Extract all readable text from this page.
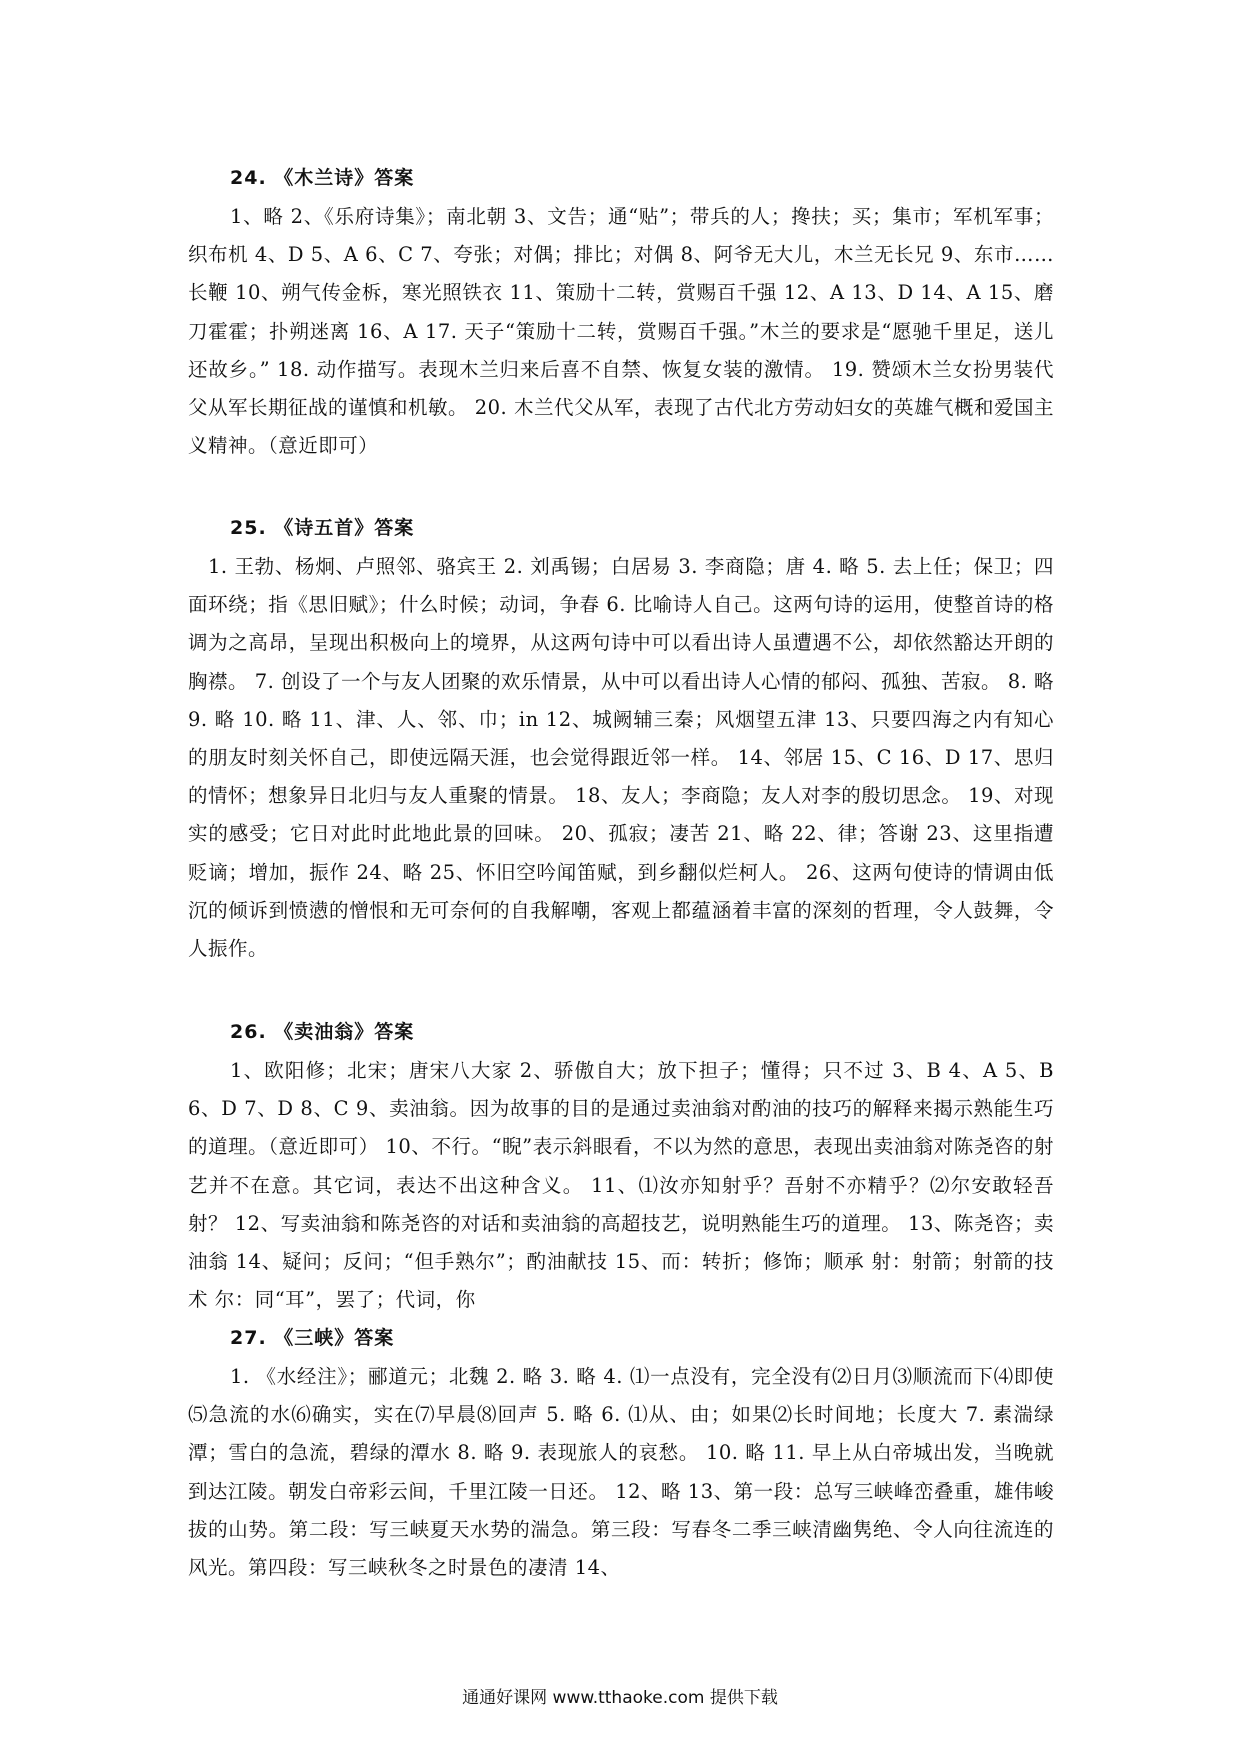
24. 《木兰诗》答案

1、略 2、《乐府诗集》；南北朝 3、文告；通“贴”；带兵的人；搀扶；买；集市；军机军事；织布机 4、D 5、A 6、C 7、夸张；对偶；排比；对偶 8、阿爷无大儿，木兰无长兄 9、东市……长鞭 10、朔气传金柝，寒光照铁衣 11、策励十二转，赏赐百千强 12、A 13、D 14、A 15、磨刀霍霍；扑朔迷离 16、A 17. 天子“策励十二转，赏赐百千强。”木兰的要求是“愿驰千里足，送儿还故乡。” 18. 动作描写。表现木兰归来后喜不自禁、恢复女装的激情。 19. 赞颂木兰女扮男装代父从军长期征战的谨慎和机敏。 20. 木兰代父从军，表现了古代北方劳动妇女的英雄气概和爱国主义精神。（意近即可）

25. 《诗五首》答案

1. 王勃、杨炯、卢照邻、骆宾王 2. 刘禹锡；白居易 3. 李商隐；唐 4. 略 5. 去上任；保卫；四面环绕；指《思旧赋》；什么时候；动词，争春 6. 比喻诗人自己。这两句诗的运用，使整首诗的格调为之高昂，呈现出积极向上的境界，从这两句诗中可以看出诗人虽遭遇不公，却依然豁达开朗的胸襟。 7. 创设了一个与友人团聚的欢乐情景，从中可以看出诗人心情的郁闷、孤独、苦寂。 8. 略 9. 略 10. 略 11、津、人、邻、巾；in 12、城阙辅三秦；风烟望五津 13、只要四海之内有知心的朋友时刻关怀自己，即使远隔天涯，也会觉得跟近邻一样。 14、邻居 15、C 16、D 17、思归的情怀；想象异日北归与友人重聚的情景。 18、友人；李商隐；友人对李的殷切思念。 19、对现实的感受；它日对此时此地此景的回味。 20、孤寂；凄苦 21、略 22、律；答谢 23、这里指遭贬谪；增加，振作 24、略 25、怀旧空吟闻笛赋，到乡翻似烂柯人。 26、这两句使诗的情调由低沉的倾诉到愤懑的憎恨和无可奈何的自我解嘲，客观上都蕴涵着丰富的深刻的哲理，令人鼓舞，令人振作。

26. 《卖油翁》答案

1、欧阳修；北宋；唐宋八大家 2、骄傲自大；放下担子；懂得；只不过 3、B 4、A 5、B 6、D 7、D 8、C 9、卖油翁。因为故事的目的是通过卖油翁对酌油的技巧的解释来揭示熟能生巧的道理。（意近即可） 10、不行。“睨”表示斜眼看，不以为然的意思，表现出卖油翁对陈尧咨的射艺并不在意。其它词，表达不出这种含义。 11、⑴汝亦知射乎？吾射不亦精乎？⑵尔安敢轻吾射？ 12、写卖油翁和陈尧咨的对话和卖油翁的高超技艺，说明熟能生巧的道理。 13、陈尧咨；卖油翁 14、疑问；反问；“但手熟尔”；酌油献技 15、而：转折；修饰；顺承 射：射箭；射箭的技术 尔：同“耳”，罢了；代词，你

27. 《三峡》答案

1. 《水经注》；郦道元；北魏 2. 略 3. 略 4. ⑴一点没有，完全没有⑵日月⑶顺流而下⑷即使⑸急流的水⑹确实，实在⑺早晨⑻回声 5. 略 6. ⑴从、由；如果⑵长时间地；长度大 7. 素湍绿潭；雪白的急流，碧绿的潭水 8. 略 9. 表现旅人的哀愁。 10. 略 11. 早上从白帝城出发，当晚就到达江陵。朝发白帝彩云间，千里江陵一日还。 12、略 13、第一段：总写三峡峰峦叠重，雄伟峻拔的山势。第二段：写三峡夏天水势的湍急。第三段：写春冬二季三峡清幽隽绝、令人向往流连的风光。第四段：写三峡秋冬之时景色的凄清 14、

通通好课网 www.tthaoke.com 提供下载
